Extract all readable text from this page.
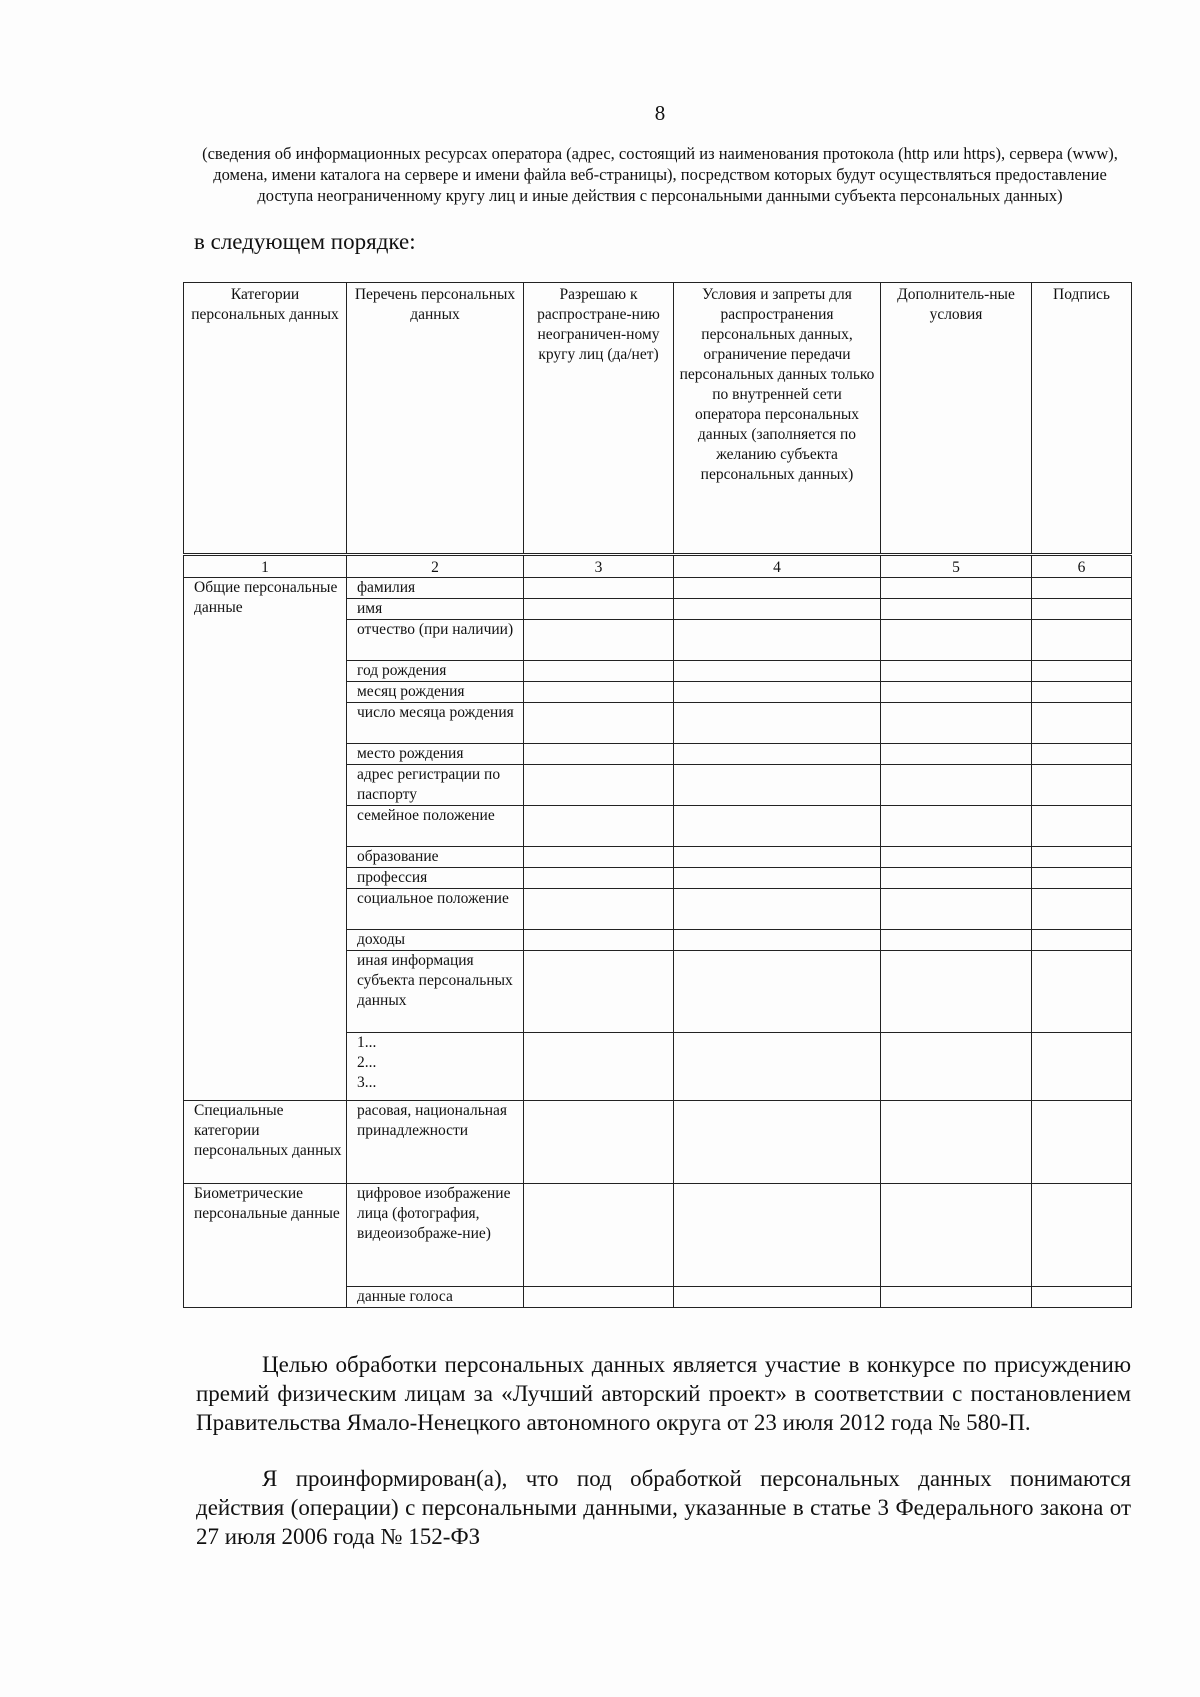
8
(сведения об информационных ресурсах оператора (адрес, состоящий из наименования протокола (http или https), сервера (www), домена, имени каталога на сервере и имени файла веб-страницы), посредством которых будут осуществляться предоставление доступа неограниченному кругу лиц и иные действия с персональными данными субъекта персональных данных)
в следующем порядке:
Категории персональных данных	Перечень персональных данных	Разрешаю к распростране-нию неограничен-ному кругу лиц (да/нет)	Условия и запреты для распространения персональных данных, ограничение передачи персональных данных только по внутренней сети оператора персональных данных (заполняется по желанию субъекта персональных данных)	Дополнитель-ные условия	Подпись
1	2	3	4	5	6
Общие персональные данные	фамилия				
	имя				
	отчество (при наличии)				
	год рождения				
	месяц рождения				
	число месяца рождения				
	место рождения				
	адрес регистрации по паспорту				
	семейное положение				
	образование				
	профессия				
	социальное положение				
	доходы				
	иная информация субъекта персональных данных				
	1...
2...
3...				
Специальные категории персональных данных	расовая, национальная принадлежности				
Биометрические персональные данные	цифровое изображение лица (фотография, видеоизображе-ние)				
	данные голоса				
Целью обработки персональных данных является участие в конкурсе по присуждению премий физическим лицам за «Лучший авторский проект» в соответствии с постановлением Правительства Ямало-Ненецкого автономного округа от 23 июля 2012 года № 580-П.
Я проинформирован(а), что под обработкой персональных данных понимаются действия (операции) с персональными данными, указанные в статье 3 Федерального закона от 27 июля 2006 года № 152-ФЗ
